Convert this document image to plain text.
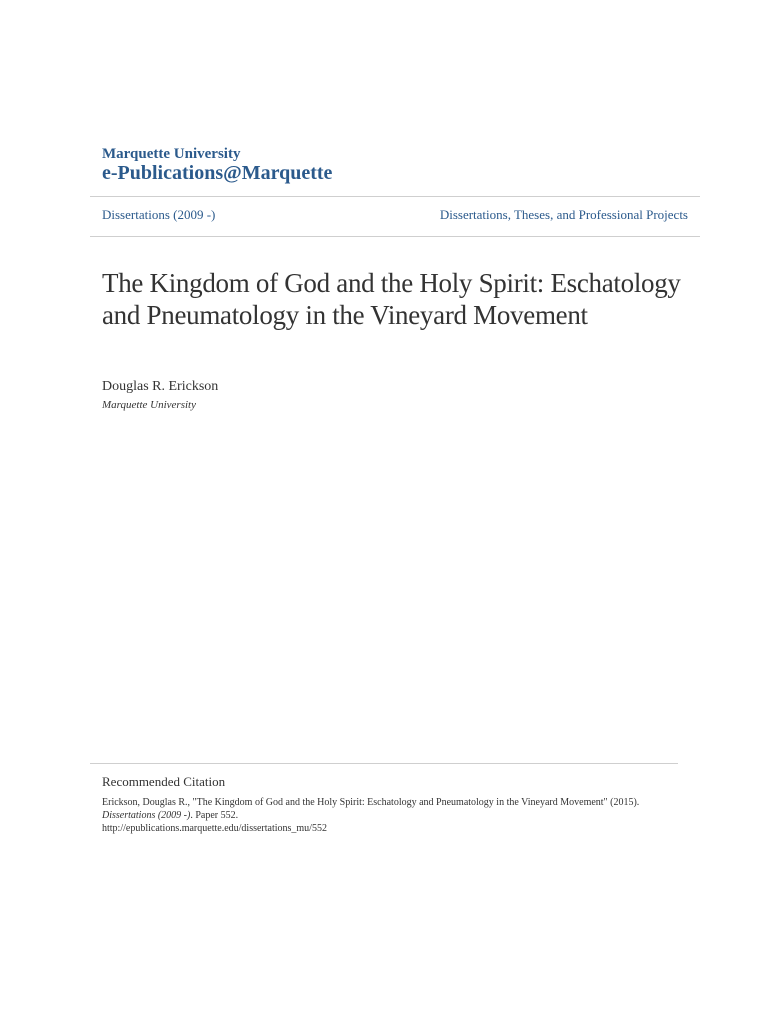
Marquette University
e-Publications@Marquette
Dissertations (2009 -)	Dissertations, Theses, and Professional Projects
The Kingdom of God and the Holy Spirit: Eschatology and Pneumatology in the Vineyard Movement
Douglas R. Erickson
Marquette University
Recommended Citation
Erickson, Douglas R., "The Kingdom of God and the Holy Spirit: Eschatology and Pneumatology in the Vineyard Movement" (2015).
Dissertations (2009 -). Paper 552.
http://epublications.marquette.edu/dissertations_mu/552
